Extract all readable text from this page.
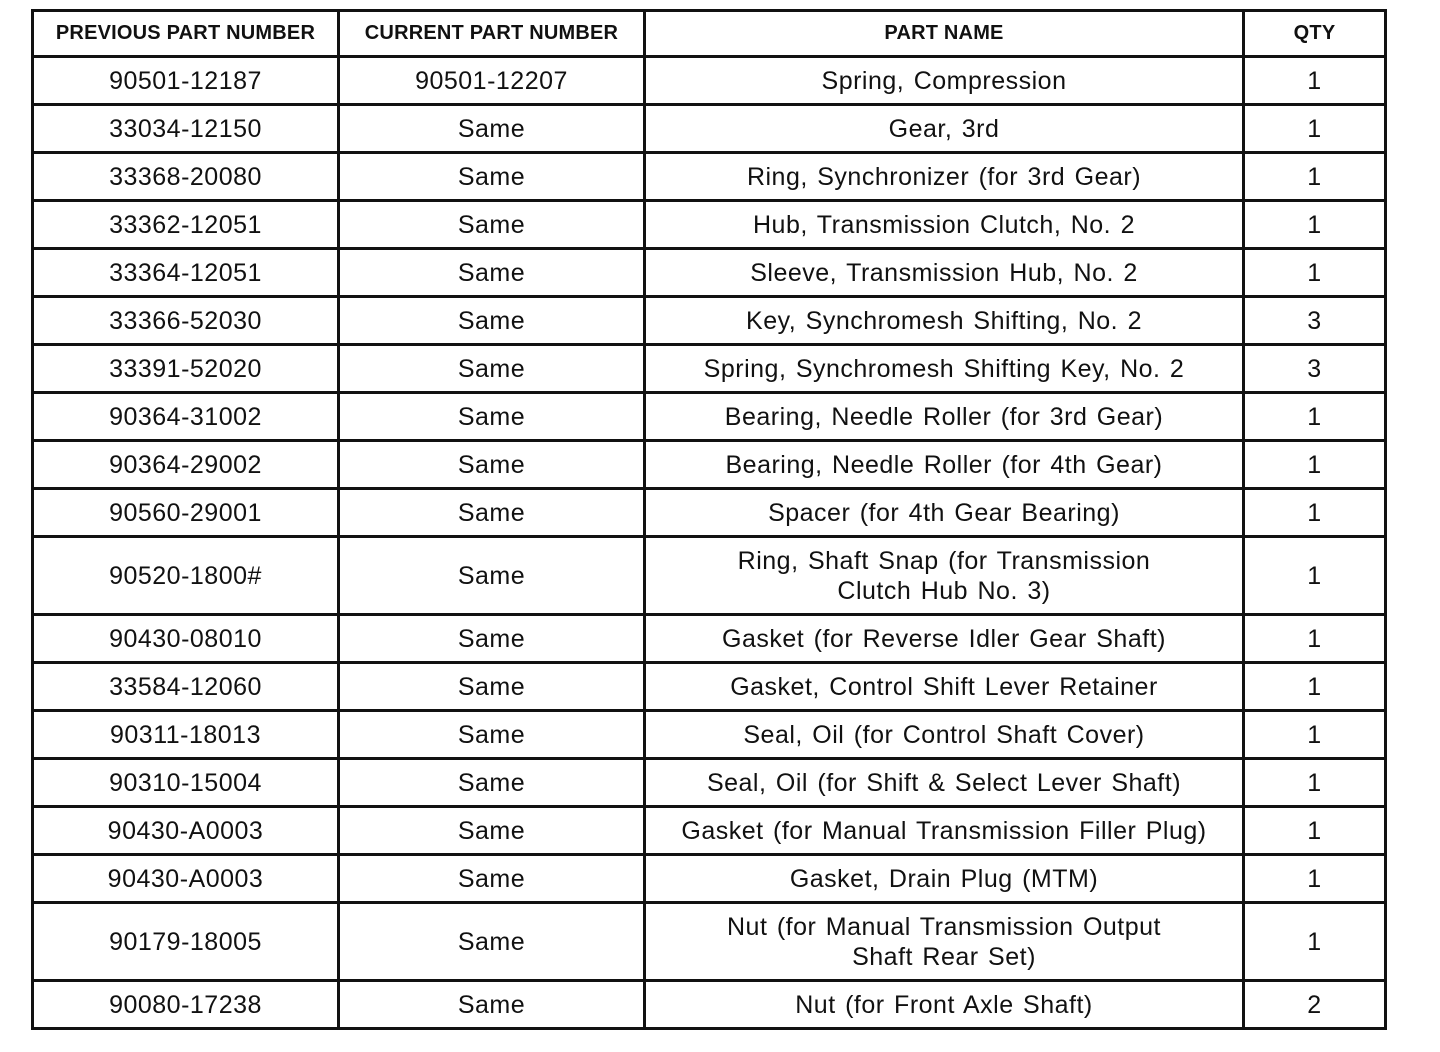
PREVIOUS PART NUMBER	CURRENT PART NUMBER	PART NAME	QTY
90501-12187	90501-12207	Spring, Compression	1
33034-12150	Same	Gear, 3rd	1
33368-20080	Same	Ring, Synchronizer (for 3rd Gear)	1
33362-12051	Same	Hub, Transmission Clutch, No. 2	1
33364-12051	Same	Sleeve, Transmission Hub, No. 2	1
33366-52030	Same	Key, Synchromesh Shifting, No. 2	3
33391-52020	Same	Spring, Synchromesh Shifting Key, No. 2	3
90364-31002	Same	Bearing, Needle Roller (for 3rd Gear)	1
90364-29002	Same	Bearing, Needle Roller (for 4th Gear)	1
90560-29001	Same	Spacer (for 4th Gear Bearing)	1
90520-1800#	Same	Ring, Shaft Snap (for Transmission
Clutch Hub No. 3)	1
90430-08010	Same	Gasket (for Reverse Idler Gear Shaft)	1
33584-12060	Same	Gasket, Control Shift Lever Retainer	1
90311-18013	Same	Seal, Oil (for Control Shaft Cover)	1
90310-15004	Same	Seal, Oil (for Shift & Select Lever Shaft)	1
90430-A0003	Same	Gasket (for Manual Transmission Filler Plug)	1
90430-A0003	Same	Gasket, Drain Plug (MTM)	1
90179-18005	Same	Nut (for Manual Transmission Output
Shaft Rear Set)	1
90080-17238	Same	Nut (for Front Axle Shaft)	2
